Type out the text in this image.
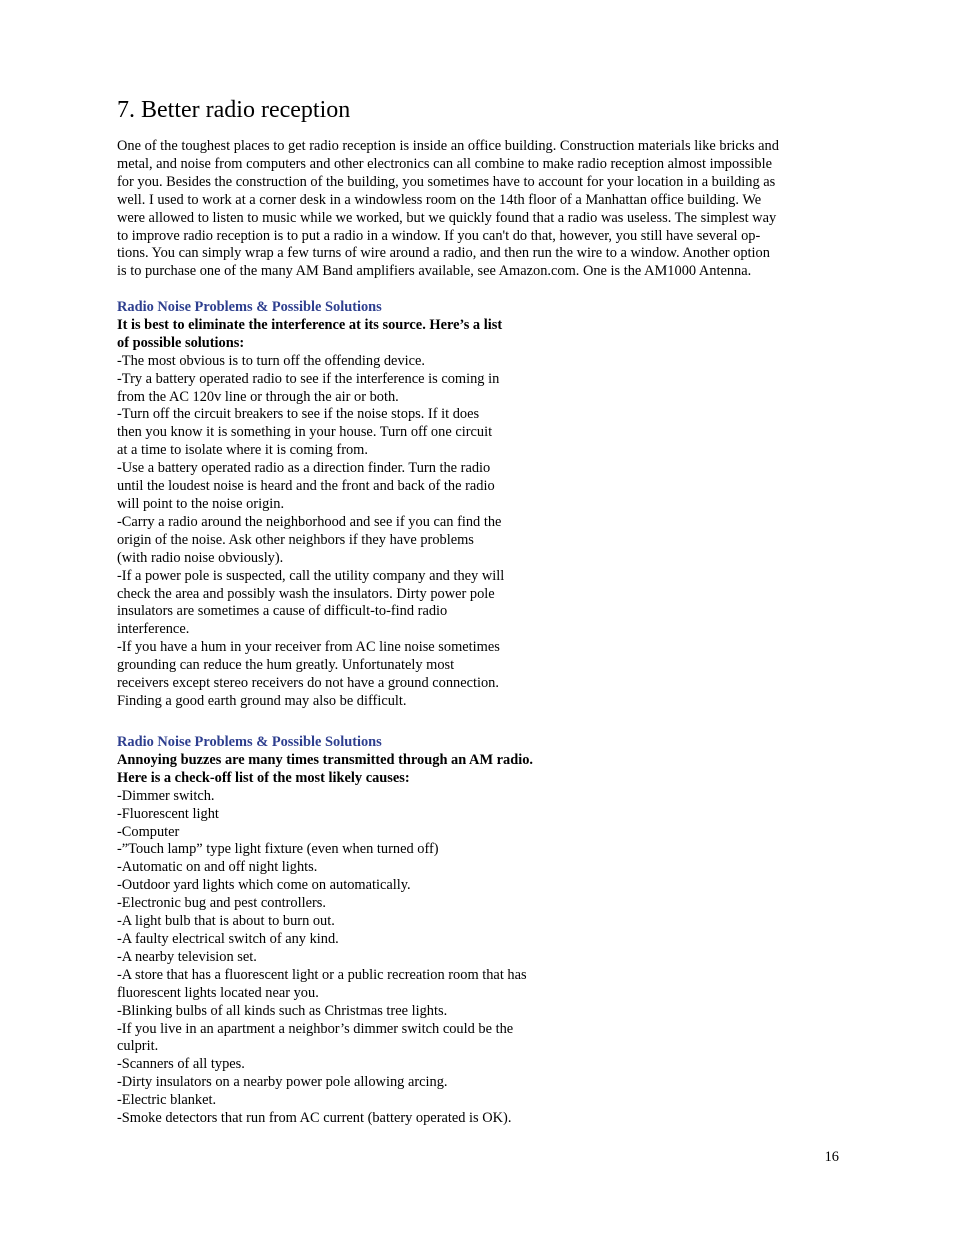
7. Better radio reception
One of the toughest places to get radio reception is inside an office building. Construction materials like bricks and
metal, and noise from computers and other electronics can all combine to make radio reception almost impossible
for you. Besides the construction of the building, you sometimes have to account for your location in a building as
well. I used to work at a corner desk in a windowless room on the 14th floor of a Manhattan office building. We
were allowed to listen to music while we worked, but we quickly found that a radio was useless. The simplest way
to improve radio reception is to put a radio in a window. If you can't do that, however, you still have several op-
tions. You can simply wrap a few turns of wire around a radio, and then run the wire to a window. Another option
is to purchase one of the many AM Band amplifiers available, see Amazon.com. One is the AM1000 Antenna.
Radio Noise Problems & Possible Solutions
It is best to eliminate the interference at its source. Here’s a list
of possible solutions:
-The most obvious is to turn off the offending device.
-Try a battery operated radio to see if the interference is coming in
from the AC 120v line or through the air or both.
-Turn off the circuit breakers to see if the noise stops. If it does
then you know it is something in your house. Turn off one circuit
at a time to isolate where it is coming from.
-Use a battery operated radio as a direction finder. Turn the radio
until the loudest noise is heard and the front and back of the radio
will point to the noise origin.
-Carry a radio around the neighborhood and see if you can find the
origin of the noise. Ask other neighbors if they have problems
(with radio noise obviously).
-If a power pole is suspected, call the utility company and they will
check the area and possibly wash the insulators. Dirty power pole
insulators are sometimes a cause of difficult-to-find radio
interference.
-If you have a hum in your receiver from AC line noise sometimes
grounding can reduce the hum greatly. Unfortunately most
receivers except stereo receivers do not have a ground connection.
Finding a good earth ground may also be difficult.
Radio Noise Problems & Possible Solutions
Annoying buzzes are many times transmitted through an AM radio.
Here is a check-off list of the most likely causes:
-Dimmer switch.
-Fluorescent light
-Computer
-”Touch lamp” type light fixture (even when turned off)
-Automatic on and off night lights.
-Outdoor yard lights which come on automatically.
-Electronic bug and pest controllers.
-A light bulb that is about to burn out.
-A faulty electrical switch of any kind.
-A nearby television set.
-A store that has a fluorescent light or a public recreation room that has
fluorescent lights located near you.
-Blinking bulbs of all kinds such as Christmas tree lights.
-If you live in an apartment a neighbor’s dimmer switch could be the
culprit.
-Scanners of all types.
-Dirty insulators on a nearby power pole allowing arcing.
-Electric blanket.
-Smoke detectors that run from AC current (battery operated is OK).
16
